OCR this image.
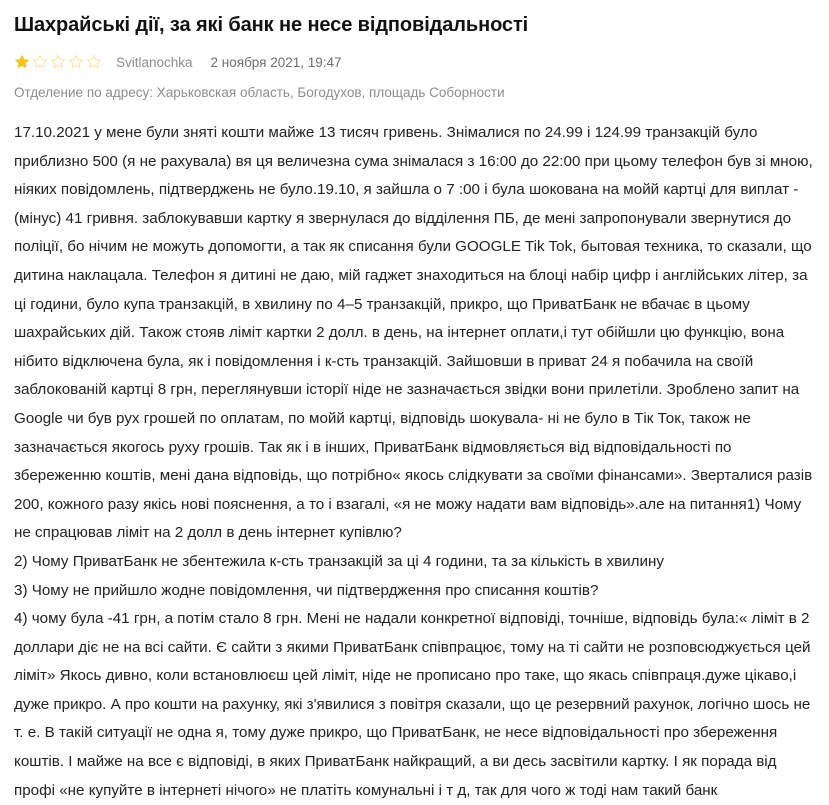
Шахрайські дії, за які банк не несе відповідальності
Svitlanochka 2 ноября 2021, 19:47
Отделение по адресу: Харьковская область, Богодухов, площадь Соборности

17.10.2021 у мене були зняті кошти майже 13 тисяч гривень. Знімалися по 24.99 і 124.99 транзакцій було приблизно 500 (я не рахувала) вя ця величезна сума знімалася з 16:00 до 22:00 при цьому телефон був зі мною, ніяких повідомлень, підтверджень не було.19.10, я зайшла о 7 :00 і була шокована на мойй картці для виплат -(мінус) 41 гривня. заблокувавши картку я звернулася до відділення ПБ, де мені запропонували звернутися до поліції, бо нічим не можуть допомогти, а так як списання були GOOGLE Tik Tok, бытовая техника, то сказали, що дитина наклацала. Телефон я дитині не даю, мій гаджет знаходиться на блоці набір цифр і англійських літер, за ці години, було купа транзакцій, в хвилину по 4–5 транзакцій, прикро, що ПриватБанк не вбачає в цьому шахрайських дій. Також стояв ліміт картки 2 долл. в день, на інтернет оплати,і тут обійшли цю функцію, вона нібито відключена була, як і повідомлення і к-сть транзакцій. Зайшовши в приват 24 я побачила на своїй заблокованій картці 8 грн, переглянувши історії ніде не зазначається звідки вони прилетіли. Зроблено запит на Google чи був рух грошей по оплатам, по мойй картці, відповідь шокувала- ні не було в Тік Ток, також не зазначається якогось руху грошів. Так як і в інших, ПриватБанк відмовляється від відповідальності по збереженню коштів, мені дана відповідь, що потрібно« якось слідкувати за своїми фінансами». Зверталися разів 200, кожного разу якісь нові пояснення, а то і взагалі, «я не можу надати вам відповідь».але на питання1) Чому не спрацював ліміт на 2 долл в день інтернет купівлю?

2) Чому ПриватБанк не збентежила к-сть транзакцій за ці 4 години, та за кількість в хвилину

3) Чому не прийшло жодне повідомлення, чи підтвердження про списання коштів?

4) чому була -41 грн, а потім стало 8 грн. Мені не надали конкретної відповіді, точніше, відповідь була:« ліміт в 2 доллари діє не на всі сайти. Є сайти з якими ПриватБанк співпрацює, тому на ті сайти не розповсюджується цей ліміт» Якось дивно, коли встановлюєш цей ліміт, ніде не прописано про таке, що якась співпраця.дуже цікаво,і дуже прикро. А про кошти на рахунку, які з'явилися з повітря сказали, що це резервний рахунок, логічно шось не т. е. В такій ситуації не одна я, тому дуже прикро, що ПриватБанк, не несе відповідальності про збереження коштів. І майже на все є відповіді, в яких ПриватБанк найкращий, а ви десь засвітили картку. І як порада від профі «не купуйте в інтернеті нічого» не платіть комунальні і т д, так для чого ж тоді нам такий банк
